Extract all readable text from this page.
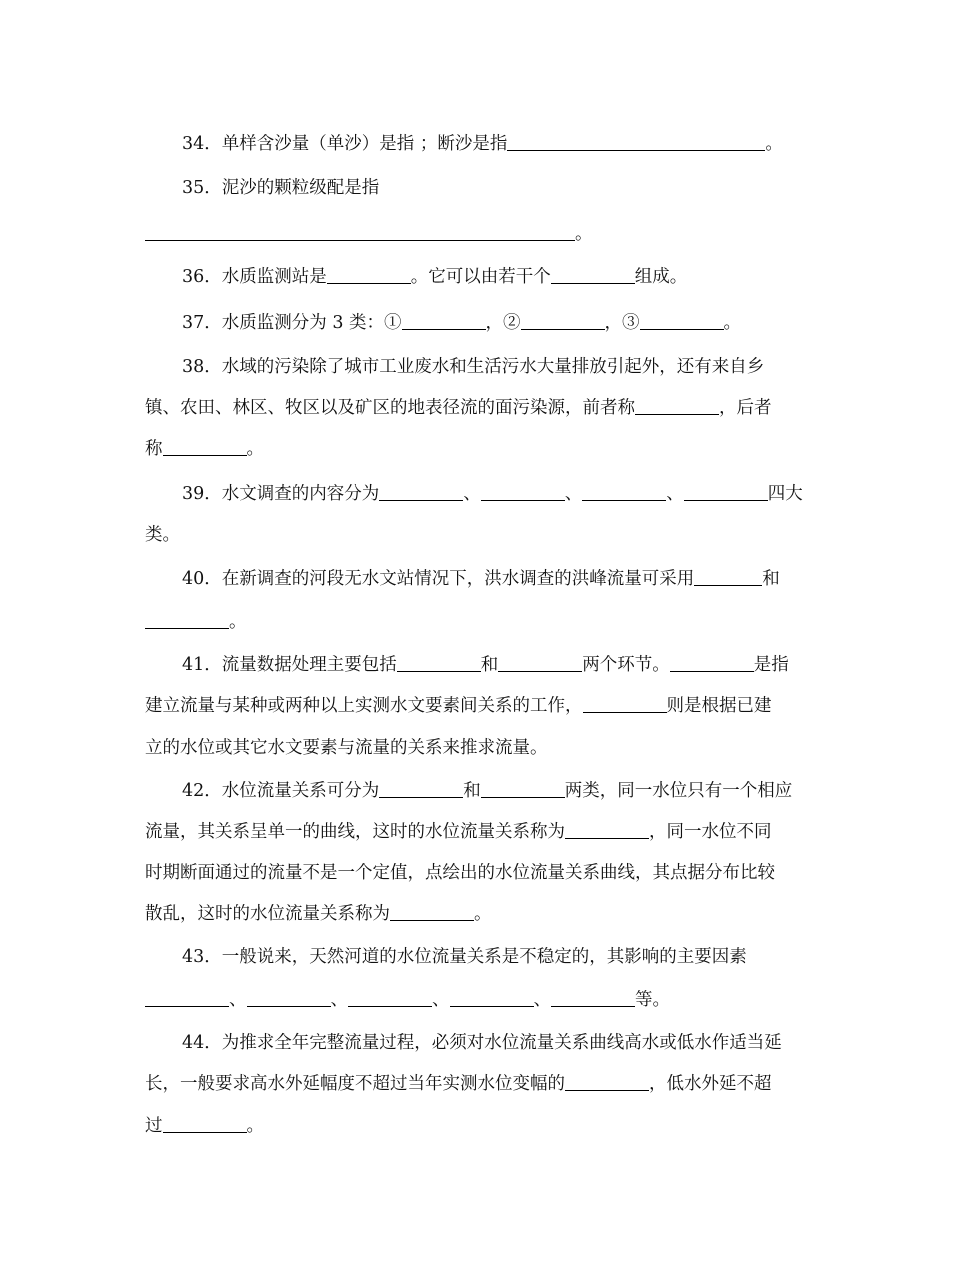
34．单样含沙量（单沙）是指 ；断沙是指	。
35．泥沙的颗粒级配是指
。
36．水质监测站是	。它可以由若干个	组成。
37．水质监测分为 3 类：①	，②	，③	。
38．水域的污染除了城市工业废水和生活污水大量排放引起外，还有来自乡
镇、农田、林区、牧区以及矿区的地表径流的面污染源，前者称	，后者
称	。
39．水文调查的内容分为	、	、	、	四大
类。
40．在新调查的河段无水文站情况下，洪水调查的洪峰流量可采用	和
。
41．流量数据处理主要包括	和	两个环节。	是指
建立流量与某种或两种以上实测水文要素间关系的工作，	则是根据已建
立的水位或其它水文要素与流量的关系来推求流量。
42．水位流量关系可分为	和	两类，同一水位只有一个相应
流量，其关系呈单一的曲线，这时的水位流量关系称为	，同一水位不同
时期断面通过的流量不是一个定值，点绘出的水位流量关系曲线，其点据分布比较
散乱，这时的水位流量关系称为	。
43．一般说来，天然河道的水位流量关系是不稳定的，其影响的主要因素
、	、	、	、	等。
44．为推求全年完整流量过程，必须对水位流量关系曲线高水或低水作适当延
长，一般要求高水外延幅度不超过当年实测水位变幅的	，低水外延不超
过	。
